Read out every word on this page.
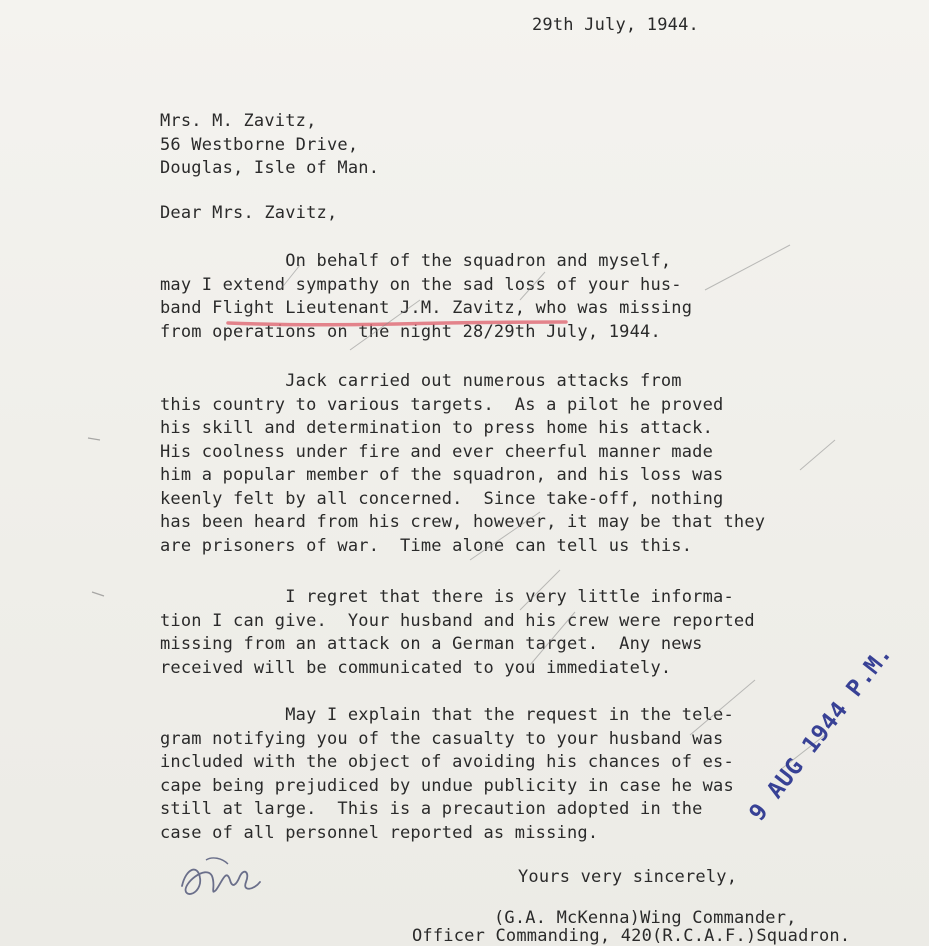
29th July, 1944.

Mrs. M. Zavitz,
56 Westborne Drive,
Douglas, Isle of Man.

Dear Mrs. Zavitz,

On behalf of the squadron and myself,
may I extend sympathy on the sad loss of your hus-
band Flight Lieutenant J.M. Zavitz, who was missing
from operations on the night 28/29th July, 1944.
Jack carried out numerous attacks from
this country to various targets.  As a pilot he proved
his skill and determination to press home his attack.
His coolness under fire and ever cheerful manner made
him a popular member of the squadron, and his loss was
keenly felt by all concerned.  Since take-off, nothing
has been heard from his crew, however, it may be that they
are prisoners of war.  Time alone can tell us this.
I regret that there is very little informa-
tion I can give.  Your husband and his crew were reported
missing from an attack on a German target.  Any news
received will be communicated to you immediately.
May I explain that the request in the tele-
gram notifying you of the casualty to your husband was
included with the object of avoiding his chances of es-
cape being prejudiced by undue publicity in case he was
still at large.  This is a precaution adopted in the
case of all personnel reported as missing.

Yours very sincerely,

(G.A. McKenna)Wing Commander,
Officer Commanding, 420(R.C.A.F.)Squadron.
9 AUG 1944 P.M.
